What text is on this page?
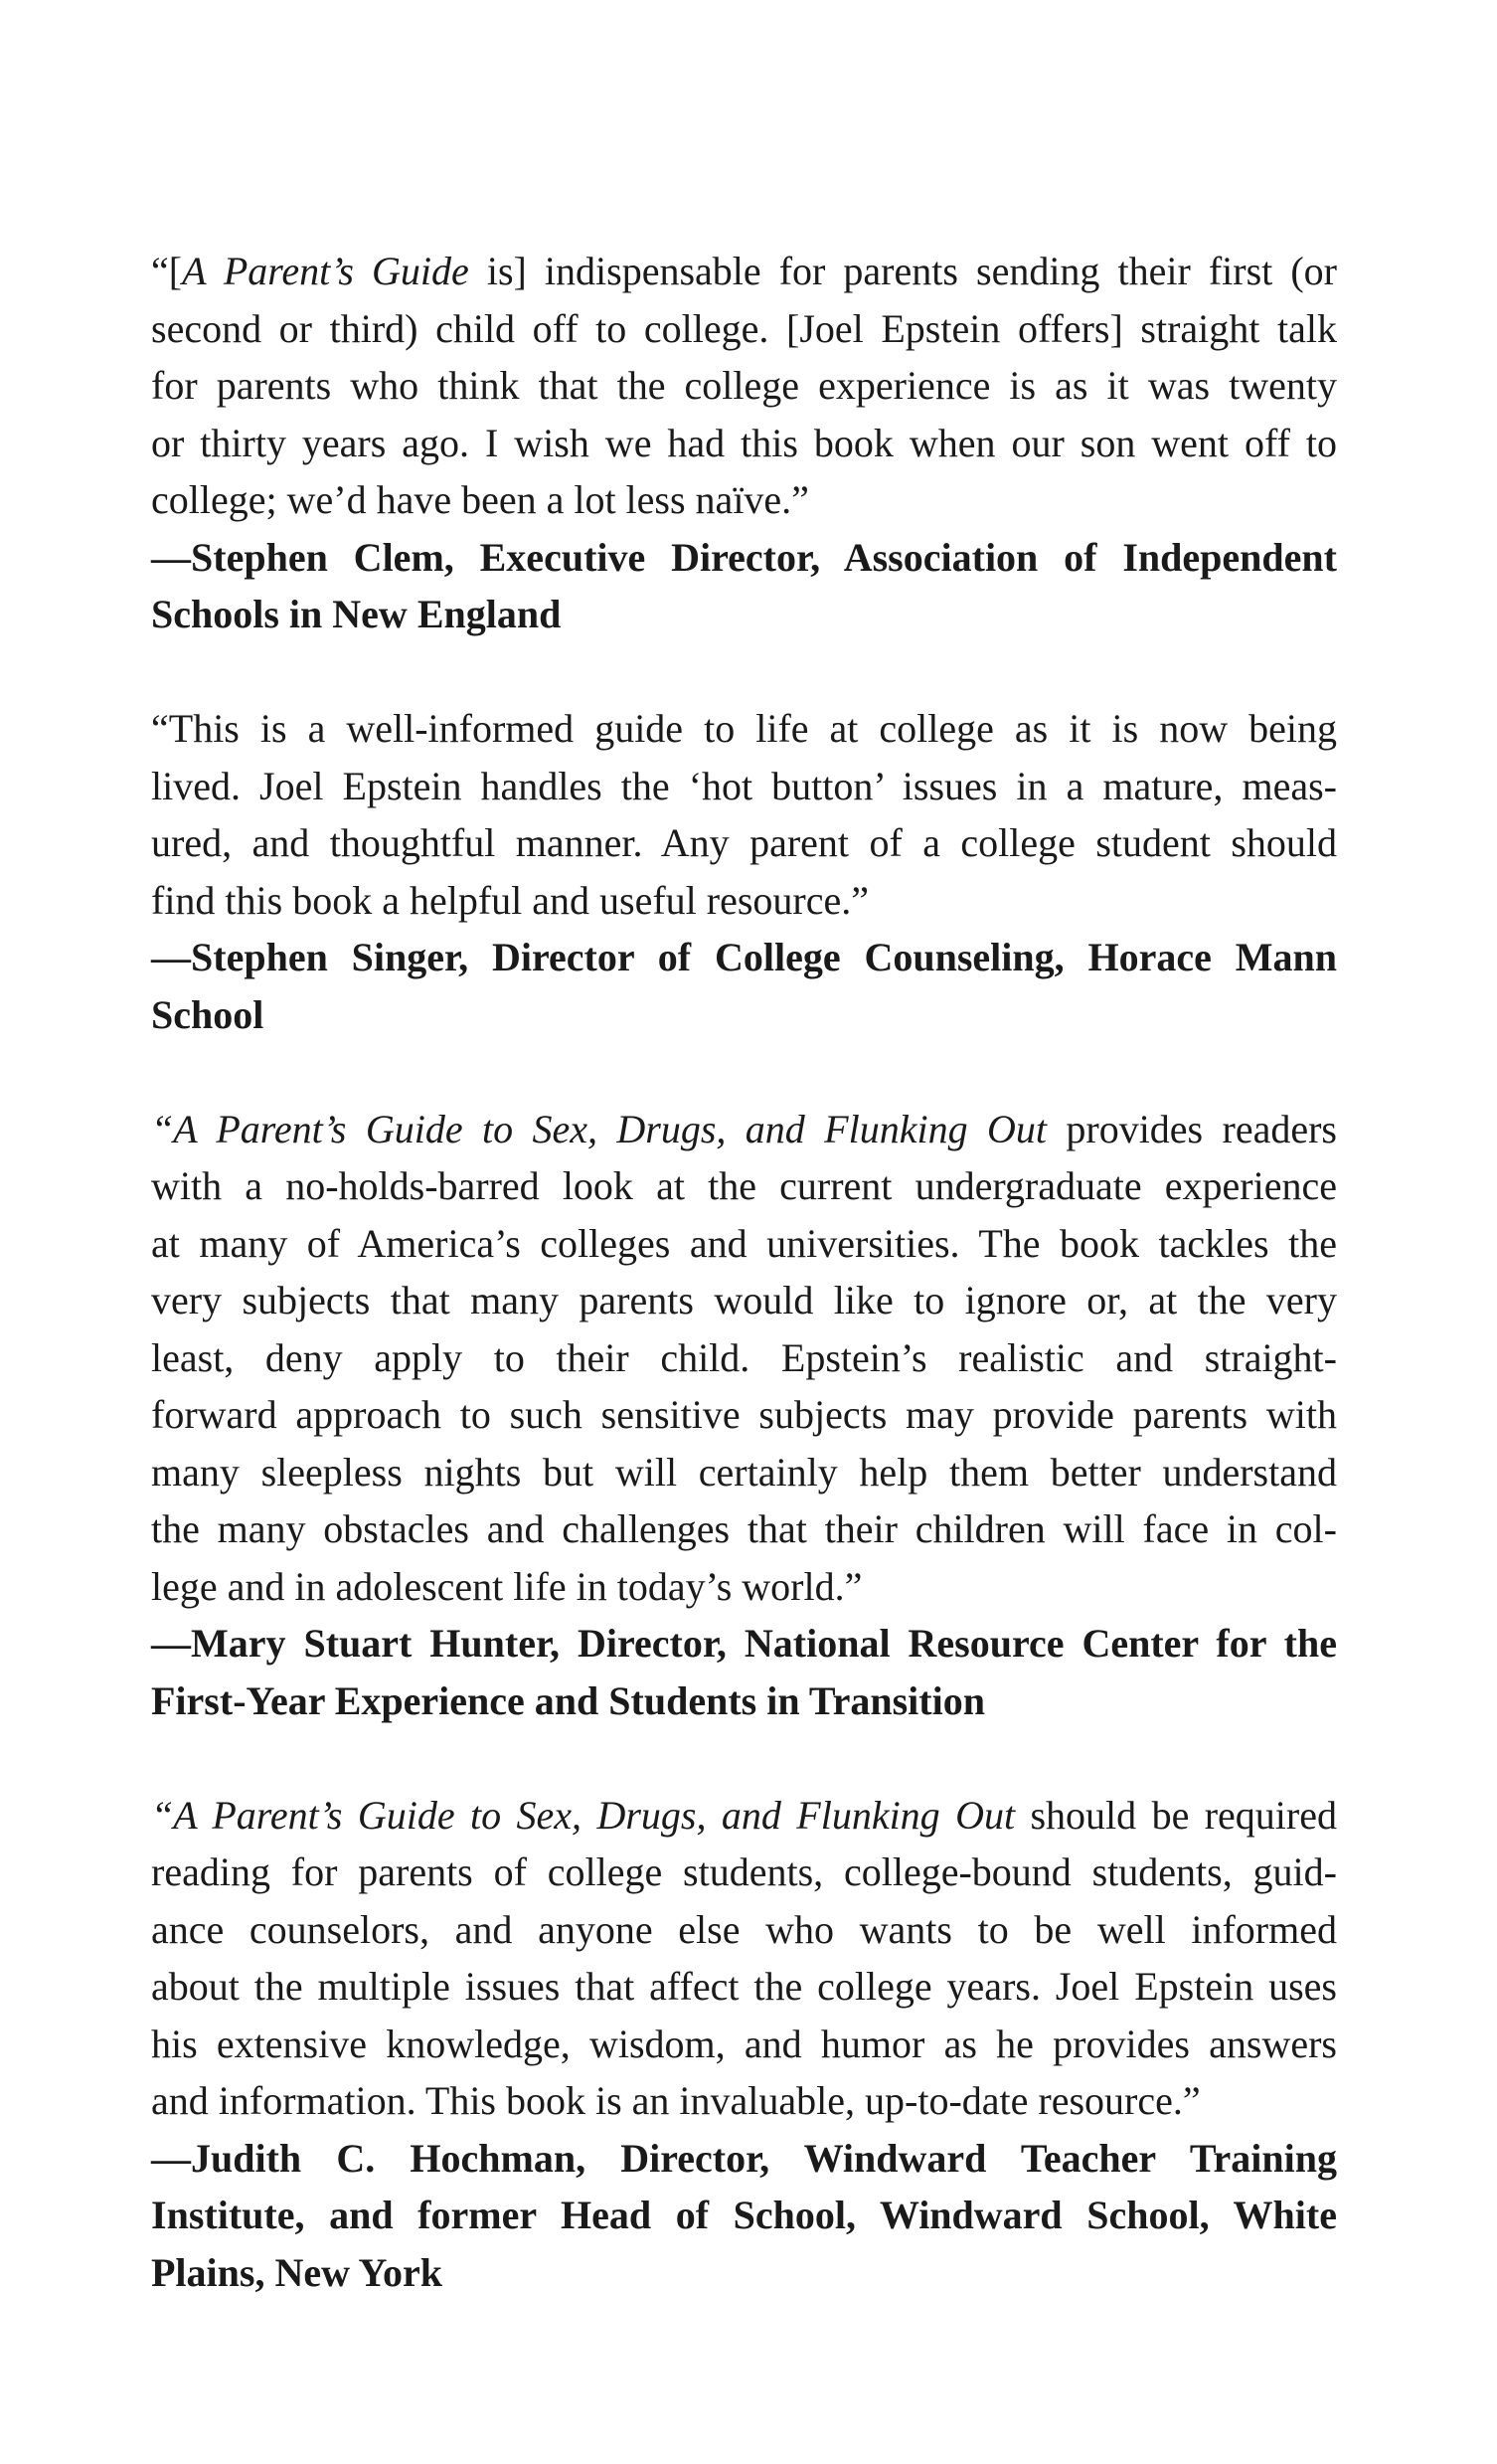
“[A Parent’s Guide is] indispensable for parents sending their first (or
second or third) child off to college. [Joel Epstein offers] straight talk
for parents who think that the college experience is as it was twenty
or thirty years ago. I wish we had this book when our son went off to
college; we’d have been a lot less naïve.”
—Stephen Clem, Executive Director, Association of Independent
Schools in New England
“This is a well-informed guide to life at college as it is now being
lived. Joel Epstein handles the ‘hot button’ issues in a mature, meas-
ured, and thoughtful manner. Any parent of a college student should
find this book a helpful and useful resource.”
—Stephen Singer, Director of College Counseling, Horace Mann
School
“A Parent’s Guide to Sex, Drugs, and Flunking Out provides readers
with a no-holds-barred look at the current undergraduate experience
at many of America’s colleges and universities. The book tackles the
very subjects that many parents would like to ignore or, at the very
least, deny apply to their child. Epstein’s realistic and straight-
forward approach to such sensitive subjects may provide parents with
many sleepless nights but will certainly help them better understand
the many obstacles and challenges that their children will face in col-
lege and in adolescent life in today’s world.”
—Mary Stuart Hunter, Director, National Resource Center for the
First-Year Experience and Students in Transition
“A Parent’s Guide to Sex, Drugs, and Flunking Out should be required
reading for parents of college students, college-bound students, guid-
ance counselors, and anyone else who wants to be well informed
about the multiple issues that affect the college years. Joel Epstein uses
his extensive knowledge, wisdom, and humor as he provides answers
and information. This book is an invaluable, up-to-date resource.”
—Judith C. Hochman, Director, Windward Teacher Training
Institute, and former Head of School, Windward School, White
Plains, New York
